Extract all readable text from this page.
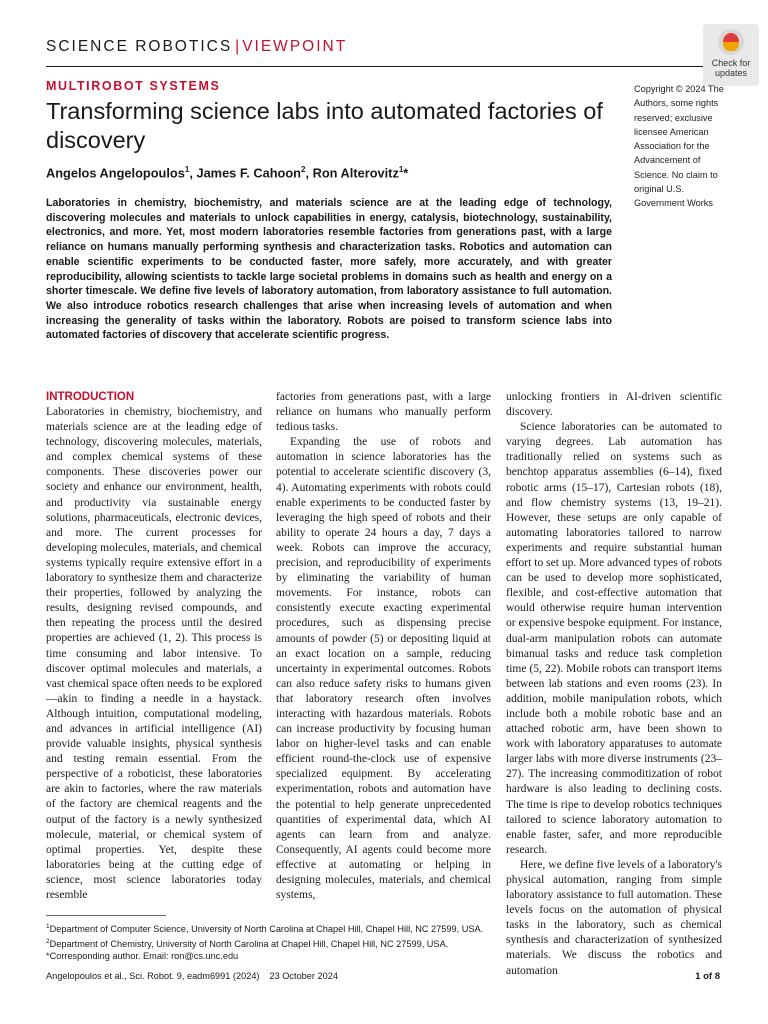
SCIENCE ROBOTICS | VIEWPOINT
Check for
updates
MULTIROBOT SYSTEMS
Transforming science labs into automated factories of discovery
Angelos Angelopoulos$^1$, James F. Cahoon$^2$, Ron Alterovitz$^1$*
Copyright © 2024 The Authors, some rights reserved; exclusive licensee American Association for the Advancement of Science. No claim to original U.S. Government Works

Laboratories in chemistry, biochemistry, and materials science are at the leading edge of technology, discovering molecules and materials to unlock capabilities in energy, catalysis, biotechnology, sustainability, electronics, and more. Yet, most modern laboratories resemble factories from generations past, with a large reliance on humans manually performing synthesis and characterization tasks. Robotics and automation can enable scientific experiments to be conducted faster, more safely, more accurately, and with greater reproducibility, allowing scientists to tackle large societal problems in domains such as health and energy on a shorter timescale. We define five levels of laboratory automation, from laboratory assistance to full automation. We also introduce robotics research challenges that arise when increasing levels of automation and when increasing the generality of tasks within the laboratory. Robots are poised to transform science labs into automated factories of discovery that accelerate scientific progress.

INTRODUCTION

Laboratories in chemistry, biochemistry, and materials science are at the leading edge of technology, discovering molecules, materials, and complex chemical systems of these components. These discoveries power our society and enhance our environment, health, and productivity via sustainable energy solutions, pharmaceuticals, electronic devices, and more. The current processes for developing molecules, materials, and chemical systems typically require extensive effort in a laboratory to synthesize them and characterize their properties, followed by analyzing the results, designing revised compounds, and then repeating the process until the desired properties are achieved (1, 2). This process is time consuming and labor intensive. To discover optimal molecules and materials, a vast chemical space often needs to be explored—akin to finding a needle in a haystack. Although intuition, computational modeling, and advances in artificial intelligence (AI) provide valuable insights, physical synthesis and testing remain essential. From the perspective of a roboticist, these laboratories are akin to factories, where the raw materials of the factory are chemical reagents and the output of the factory is a newly synthesized molecule, material, or chemical system of optimal properties. Yet, despite these laboratories being at the cutting edge of science, most science laboratories today resemble

factories from generations past, with a large reliance on humans who manually perform tedious tasks.

Expanding the use of robots and automation in science laboratories has the potential to accelerate scientific discovery (3, 4). Automating experiments with robots could enable experiments to be conducted faster by leveraging the high speed of robots and their ability to operate 24 hours a day, 7 days a week. Robots can improve the accuracy, precision, and reproducibility of experiments by eliminating the variability of human movements. For instance, robots can consistently execute exacting experimental procedures, such as dispensing precise amounts of powder (5) or depositing liquid at an exact location on a sample, reducing uncertainty in experimental outcomes. Robots can also reduce safety risks to humans given that laboratory research often involves interacting with hazardous materials. Robots can increase productivity by focusing human labor on higher-level tasks and can enable efficient round-the-clock use of expensive specialized equipment. By accelerating experimentation, robots and automation have the potential to help generate unprecedented quantities of experimental data, which AI agents can learn from and analyze. Consequently, AI agents could become more effective at automating or helping in designing molecules, materials, and chemical systems,

unlocking frontiers in AI-driven scientific discovery.

Science laboratories can be automated to varying degrees. Lab automation has traditionally relied on systems such as benchtop apparatus assemblies (6–14), fixed robotic arms (15–17), Cartesian robots (18), and flow chemistry systems (13, 19–21). However, these setups are only capable of automating laboratories tailored to narrow experiments and require substantial human effort to set up. More advanced types of robots can be used to develop more sophisticated, flexible, and cost-effective automation that would otherwise require human intervention or expensive bespoke equipment. For instance, dual-arm manipulation robots can automate bimanual tasks and reduce task completion time (5, 22). Mobile robots can transport items between lab stations and even rooms (23). In addition, mobile manipulation robots, which include both a mobile robotic base and an attached robotic arm, have been shown to work with laboratory apparatuses to automate larger labs with more diverse instruments (23–27). The increasing commoditization of robot hardware is also leading to declining costs. The time is ripe to develop robotics techniques tailored to science laboratory automation to enable faster, safer, and more reproducible research.

Here, we define five levels of a laboratory's physical automation, ranging from simple laboratory assistance to full automation. These levels focus on the automation of physical tasks in the laboratory, such as chemical synthesis and characterization of synthesized materials. We discuss the robotics and automation

$^1$Department of Computer Science, University of North Carolina at Chapel Hill, Chapel Hill, NC 27599, USA. $^2$Department of Chemistry, University of North Carolina at Chapel Hill, Chapel Hill, NC 27599, USA.

*Corresponding author. Email: ron@cs.unc.edu

Angelopoulos et al., Sci. Robot. 9, eadm6991 (2024) 23 October 2024	1 of 8
